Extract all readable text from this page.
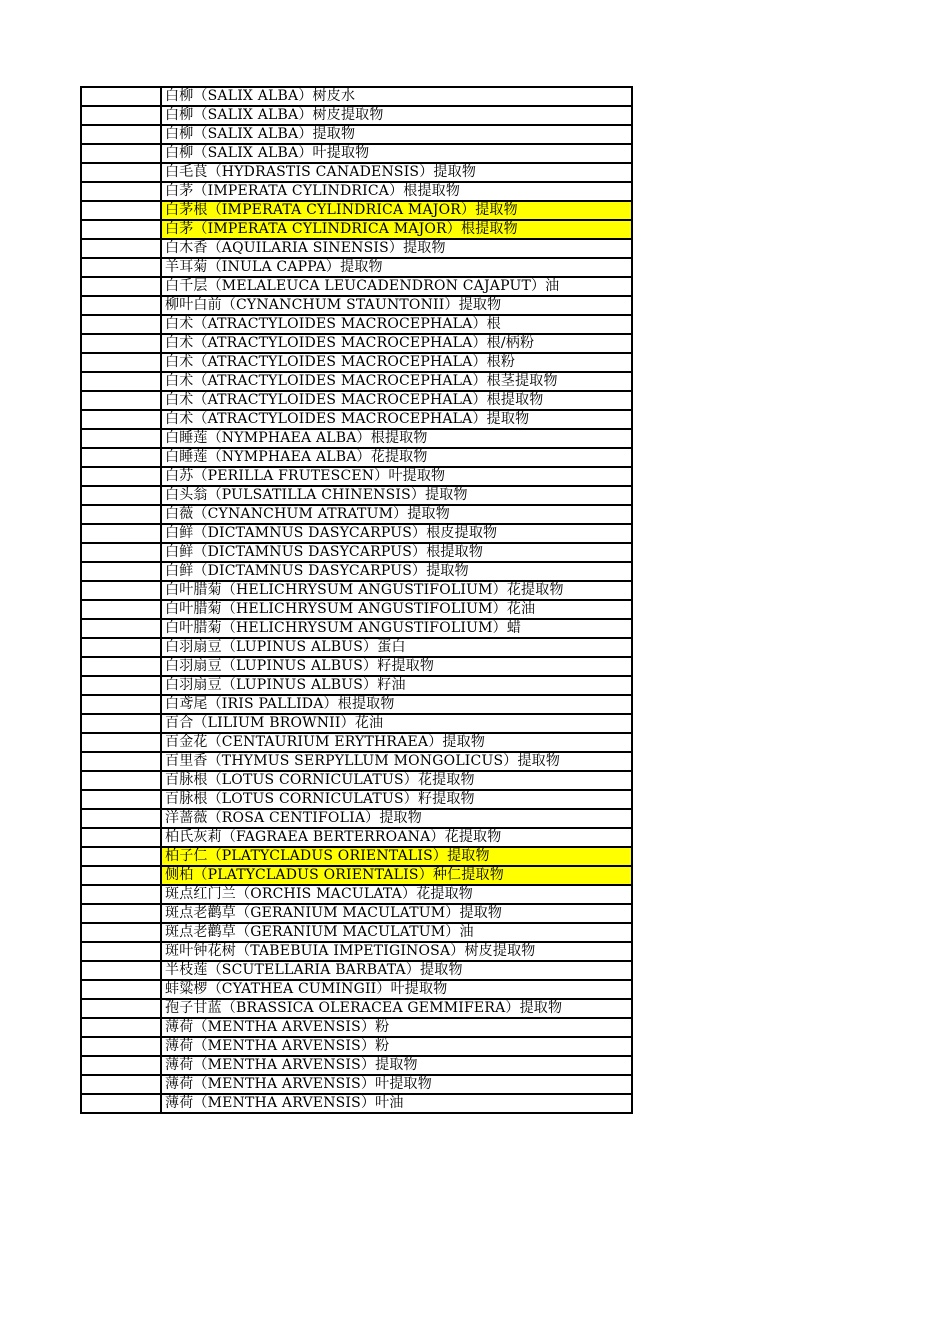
	白柳（SALIX ALBA）树皮水
	白柳（SALIX ALBA）树皮提取物
	白柳（SALIX ALBA）提取物
	白柳（SALIX ALBA）叶提取物
	白毛茛（HYDRASTIS CANADENSIS）提取物
	白茅（IMPERATA CYLINDRICA）根提取物
	白茅根（IMPERATA CYLINDRICA MAJOR）提取物
	白茅（IMPERATA CYLINDRICA MAJOR）根提取物
	白木香（AQUILARIA SINENSIS）提取物
	羊耳菊（INULA CAPPA）提取物
	白千层（MELALEUCA LEUCADENDRON CAJAPUT）油
	柳叶白前（CYNANCHUM STAUNTONII）提取物
	白术（ATRACTYLOIDES MACROCEPHALA）根
	白术（ATRACTYLOIDES MACROCEPHALA）根/柄粉
	白术（ATRACTYLOIDES MACROCEPHALA）根粉
	白术（ATRACTYLOIDES MACROCEPHALA）根茎提取物
	白术（ATRACTYLOIDES MACROCEPHALA）根提取物
	白术（ATRACTYLOIDES MACROCEPHALA）提取物
	白睡莲（NYMPHAEA ALBA）根提取物
	白睡莲（NYMPHAEA ALBA）花提取物
	白苏（PERILLA FRUTESCEN）叶提取物
	白头翁（PULSATILLA CHINENSIS）提取物
	白薇（CYNANCHUM ATRATUM）提取物
	白鲜（DICTAMNUS DASYCARPUS）根皮提取物
	白鲜（DICTAMNUS DASYCARPUS）根提取物
	白鲜（DICTAMNUS DASYCARPUS）提取物
	白叶腊菊（HELICHRYSUM ANGUSTIFOLIUM）花提取物
	白叶腊菊（HELICHRYSUM ANGUSTIFOLIUM）花油
	白叶腊菊（HELICHRYSUM ANGUSTIFOLIUM）蜡
	白羽扇豆（LUPINUS ALBUS）蛋白
	白羽扇豆（LUPINUS ALBUS）籽提取物
	白羽扇豆（LUPINUS ALBUS）籽油
	白鸢尾（IRIS PALLIDA）根提取物
	百合（LILIUM BROWNII）花油
	百金花（CENTAURIUM ERYTHRAEA）提取物
	百里香（THYMUS SERPYLLUM MONGOLICUS）提取物
	百脉根（LOTUS CORNICULATUS）花提取物
	百脉根（LOTUS CORNICULATUS）籽提取物
	洋蔷薇（ROSA CENTIFOLIA）提取物
	柏氏灰莉（FAGRAEA BERTERROANA）花提取物
	柏子仁（PLATYCLADUS ORIENTALIS）提取物
	侧柏（PLATYCLADUS ORIENTALIS）种仁提取物
	斑点红门兰（ORCHIS MACULATA）花提取物
	斑点老鹳草（GERANIUM MACULATUM）提取物
	斑点老鹳草（GERANIUM MACULATUM）油
	斑叶钟花树（TABEBUIA IMPETIGINOSA）树皮提取物
	半枝莲（SCUTELLARIA BARBATA）提取物
	蚌粱椤（CYATHEA CUMINGII）叶提取物
	孢子甘蓝（BRASSICA OLERACEA GEMMIFERA）提取物
	薄荷（MENTHA ARVENSIS）粉
	薄荷（MENTHA ARVENSIS）粉
	薄荷（MENTHA ARVENSIS）提取物
	薄荷（MENTHA ARVENSIS）叶提取物
	薄荷（MENTHA ARVENSIS）叶油
